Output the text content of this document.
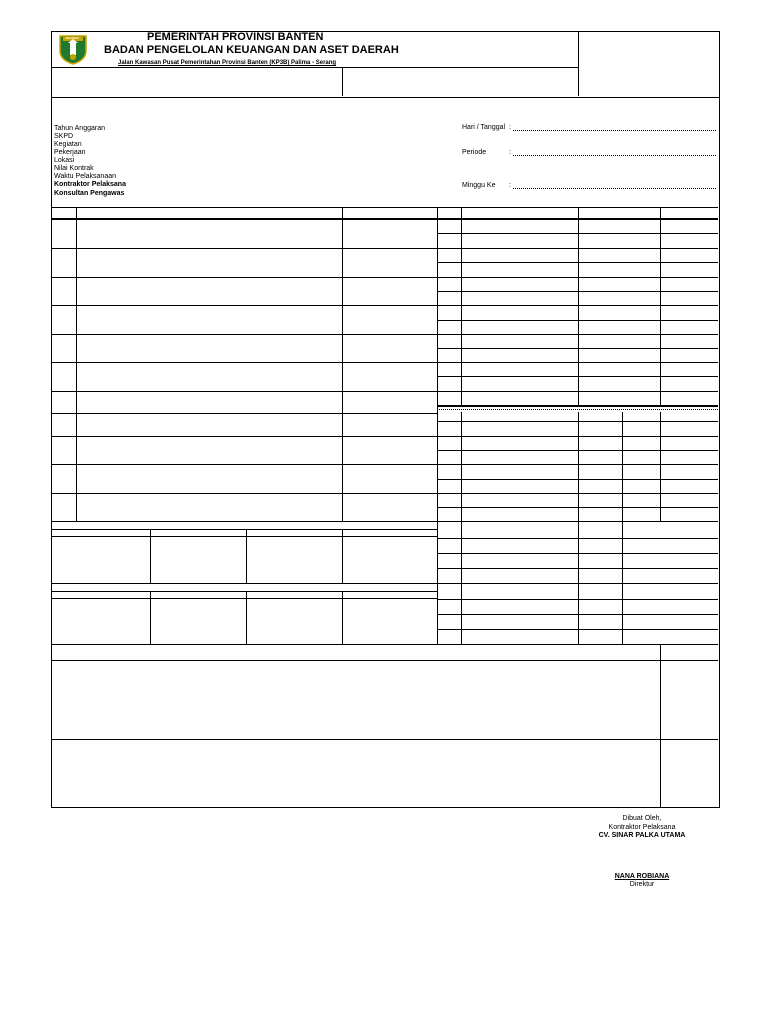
BANTEN	PEMERINTAH PROVINSI BANTEN
BADAN PENGELOLAN KEUANGAN DAN ASET DAERAH
Jalan Kawasan Pusat Pemerintahan Provinsi Banten (KP3B) Palima - Serang
Tahun Anggaran
SKPD
Kegiatan
Pekerjaan
Lokasi
Nilai Kontrak
Waktu Pelaksanaan
Kontraktor Pelaksana
Konsultan Pengawas
Hari / Tanggal :
Periode	:
Minggu Ke :
Dibuat Oleh,
Kontraktor Pelaksana
CV. SINAR PALKA UTAMA
NANA ROBIANA
Direktur
